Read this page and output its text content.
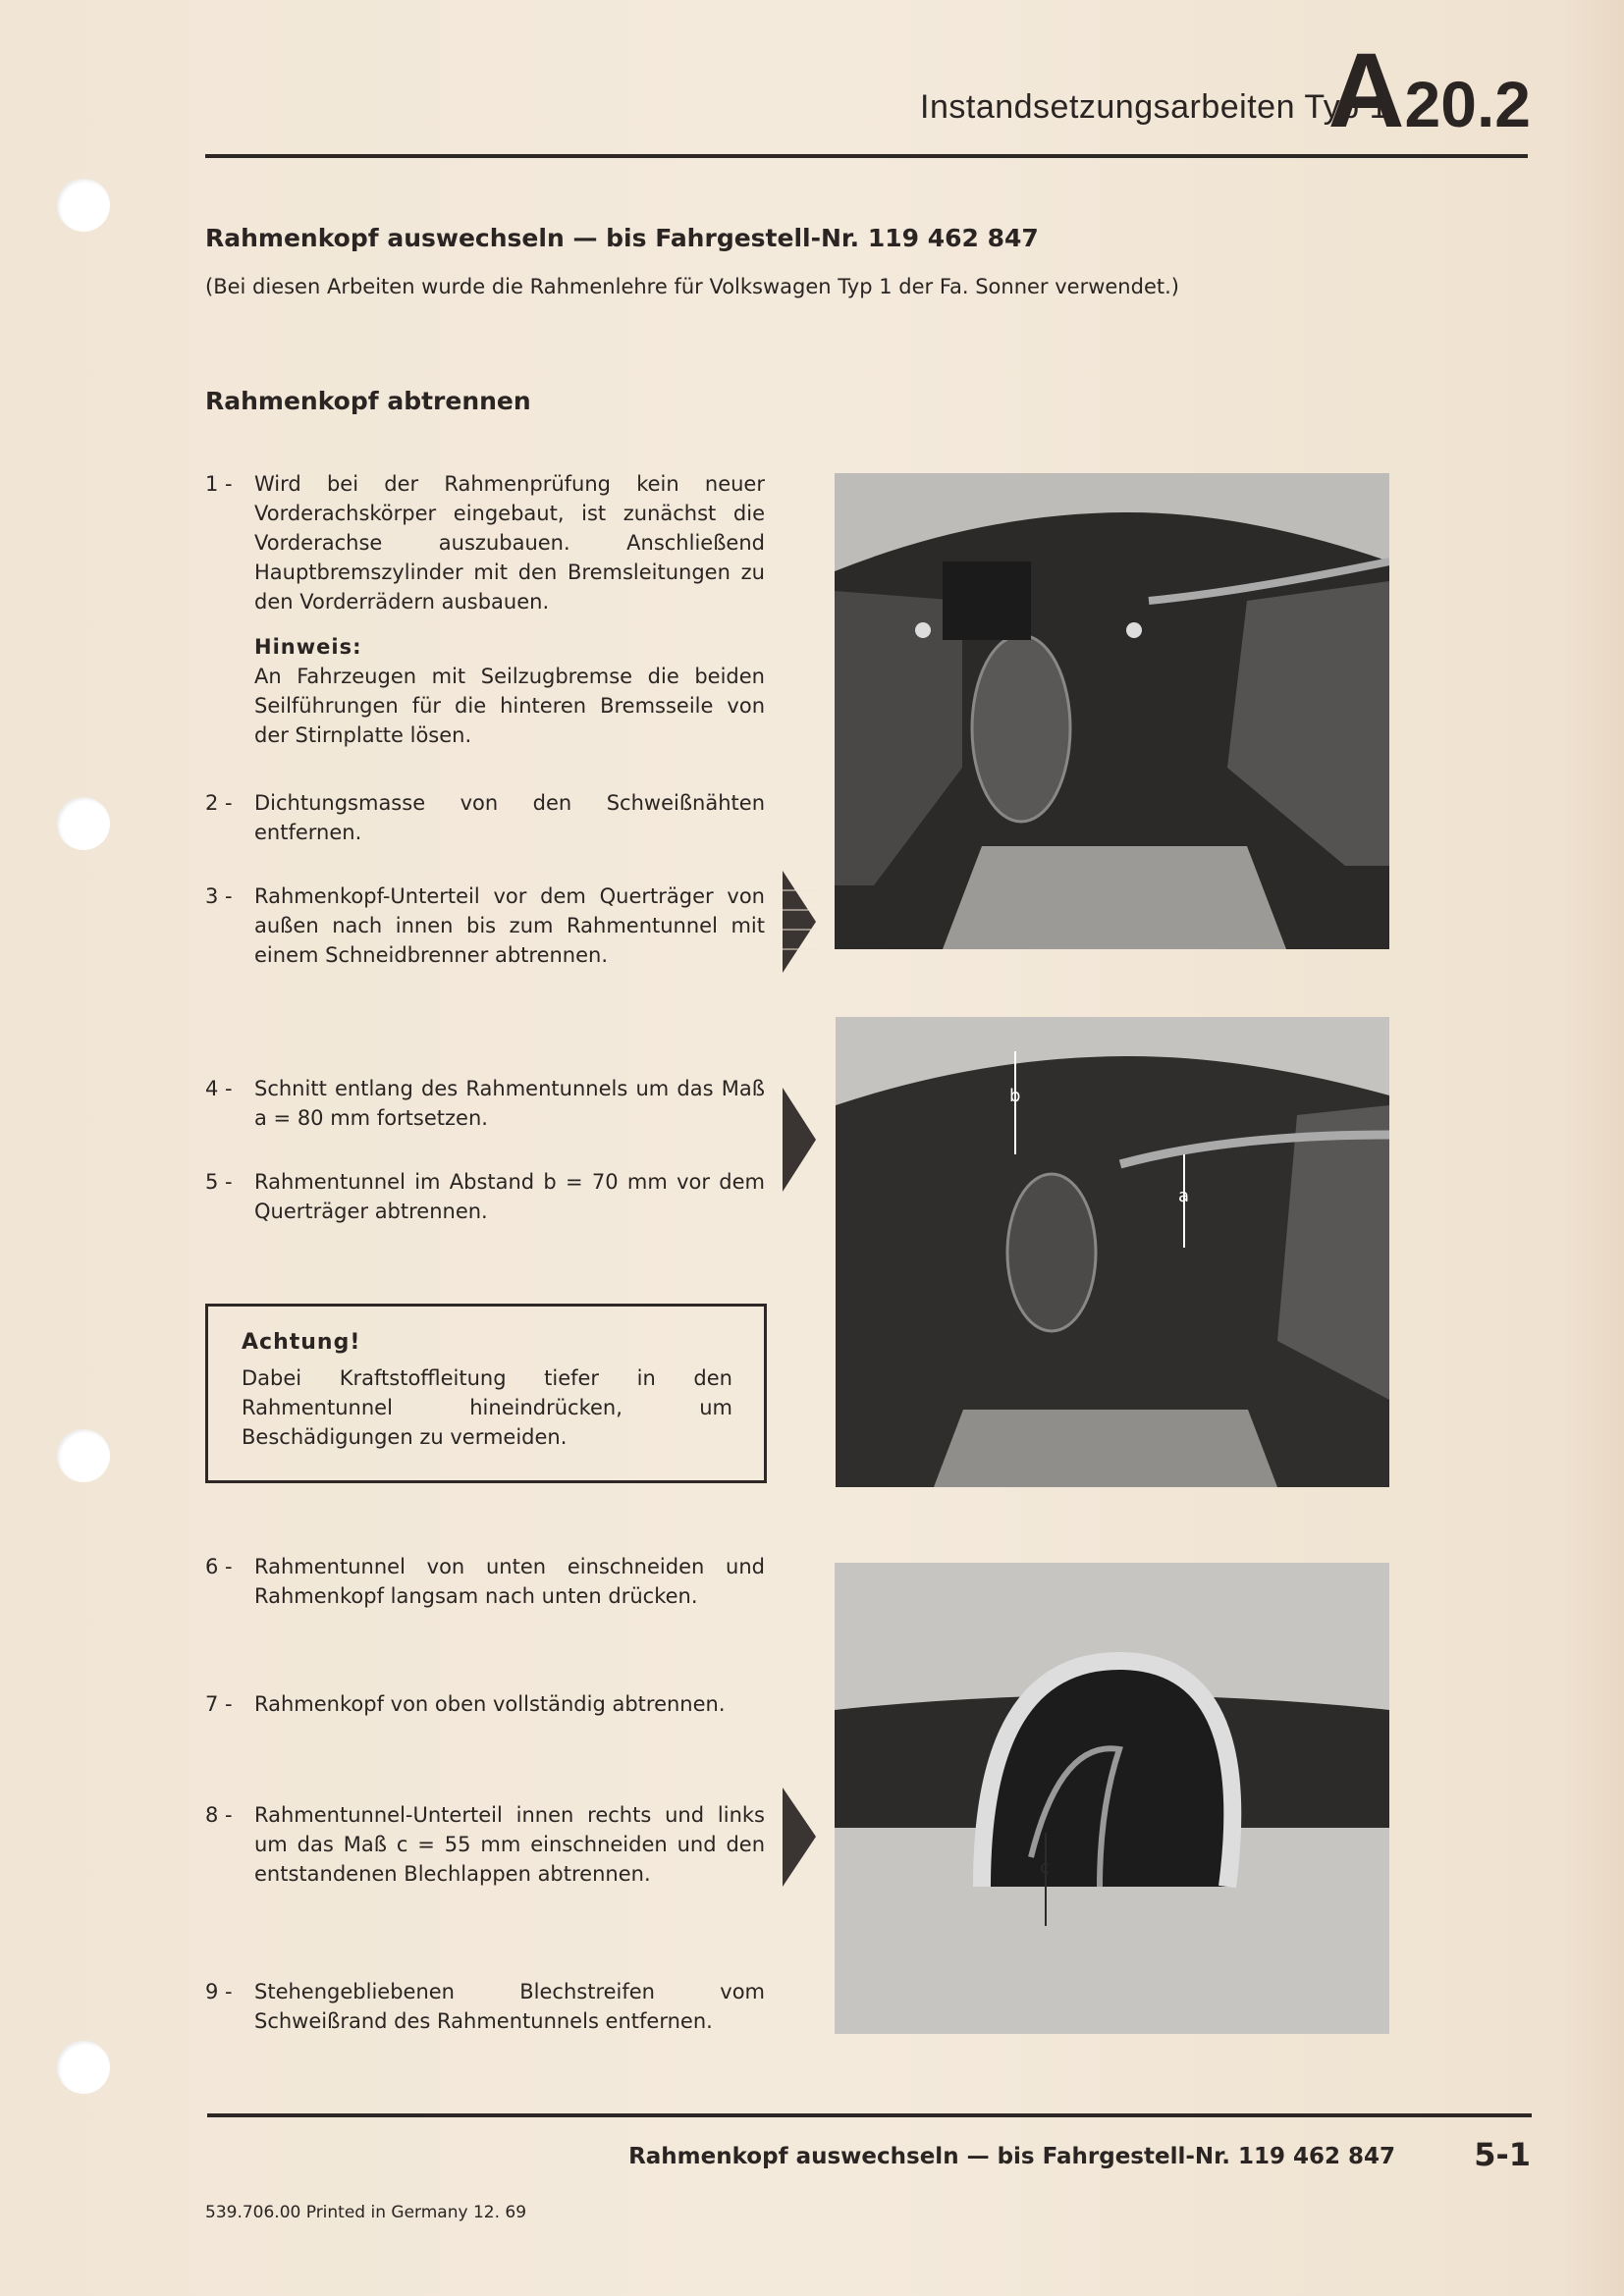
Instandsetzungsarbeiten Typ 1
A20.2
Rahmenkopf auswechseln — bis Fahrgestell-Nr. 119 462 847
(Bei diesen Arbeiten wurde die Rahmenlehre für Volkswagen Typ 1 der Fa. Sonner verwendet.)
Rahmenkopf abtrennen
1 - Wird bei der Rahmenprüfung kein neuer Vorderachskörper eingebaut, ist zunächst die Vorderachse auszubauen. Anschließend Hauptbremszylinder mit den Bremsleitungen zu den Vorderrädern ausbauen.
Hinweis:
An Fahrzeugen mit Seilzugbremse die beiden Seilführungen für die hinteren Bremsseile von der Stirnplatte lösen.
2 - Dichtungsmasse von den Schweißnähten entfernen.
3 - Rahmenkopf-Unterteil vor dem Querträger von außen nach innen bis zum Rahmentunnel mit einem Schneidbrenner abtrennen.
4 - Schnitt entlang des Rahmentunnels um das Maß a = 80 mm fortsetzen.
5 - Rahmentunnel im Abstand b = 70 mm vor dem Querträger abtrennen.
Achtung!
Dabei Kraftstoffleitung tiefer in den Rahmentunnel hineindrücken, um Beschädigungen zu vermeiden.
6 - Rahmentunnel von unten einschneiden und Rahmenkopf langsam nach unten drücken.
7 - Rahmenkopf von oben vollständig abtrennen.
8 - Rahmentunnel-Unterteil innen rechts und links um das Maß c = 55 mm einschneiden und den entstandenen Blechlappen abtrennen.
9 - Stehengebliebenen Blechstreifen vom Schweißrand des Rahmentunnels entfernen.
b
a
c
Rahmenkopf auswechseln — bis Fahrgestell-Nr. 119 462 847	5-1
539.706.00 Printed in Germany 12. 69
